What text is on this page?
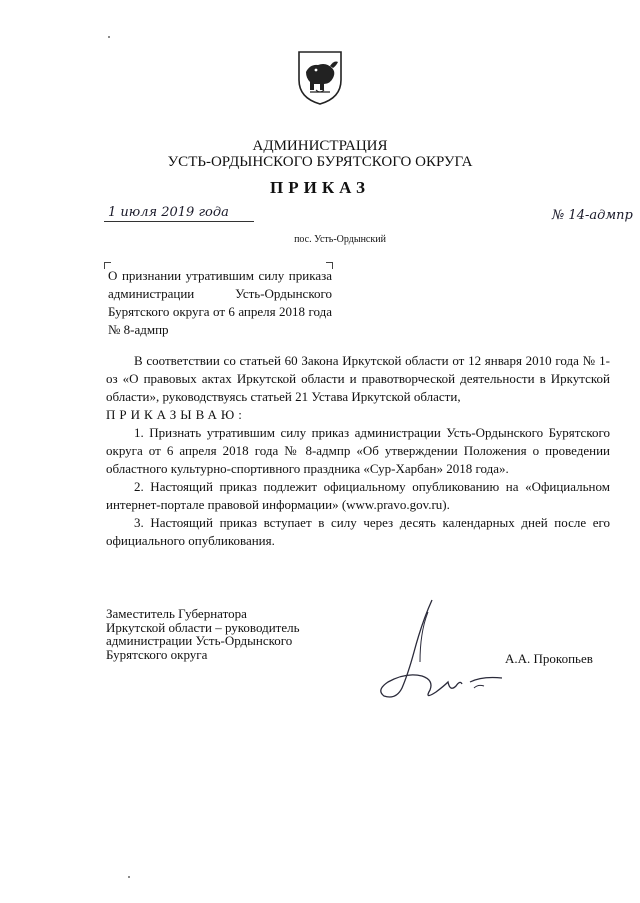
АДМИНИСТРАЦИЯ
УСТЬ-ОРДЫНСКОГО БУРЯТСКОГО ОКРУГА
ПРИКАЗ
1 июля 2019 года	№ 14-адмпр
пос. Усть-Ордынский
О признании утратившим силу приказа администрации Усть-Ордынского Бурятского округа от 6 апреля 2018 года № 8-адмпр

В соответствии со статьей 60 Закона Иркутской области от 12 января 2010 года № 1-оз «О правовых актах Иркутской области и правотворческой деятельности в Иркутской области», руководствуясь статьей 21 Устава Иркутской области,

ПРИКАЗЫВАЮ:

1. Признать утратившим силу приказ администрации Усть-Ордынского Бурятского округа от 6 апреля 2018 года № 8-адмпр «Об утверждении Положения о проведении областного культурно-спортивного праздника «Сур-Харбан» 2018 года».

2. Настоящий приказ подлежит официальному опубликованию на «Официальном интернет-портале правовой информации» (www.pravo.gov.ru).

3. Настоящий приказ вступает в силу через десять календарных дней после его официального опубликования.

Заместитель Губернатора
Иркутской области – руководитель
администрации Усть-Ордынского
Бурятского округа	А.А. Прокопьев
